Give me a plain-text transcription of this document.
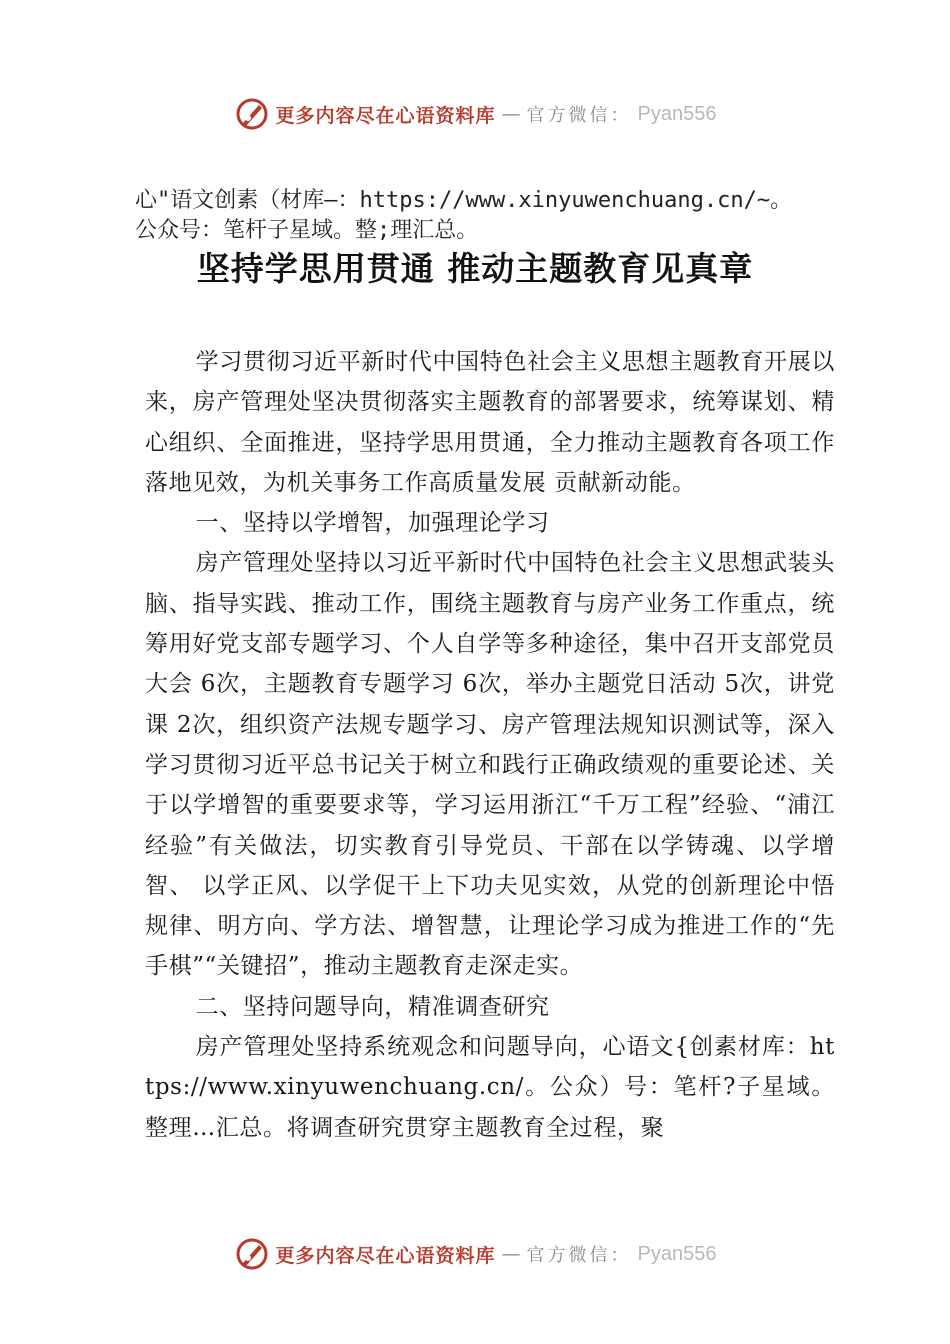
更多内容尽在心语资料库 — 官方微信： Pyan556
心"语文创素（材库—：https://www.xinyuwenchuang.cn/~。
公众号：笔杆子星域。整;理汇总。
坚持学思用贯通 推动主题教育见真章

学习贯彻习近平新时代中国特色社会主义思想主题教育开展以来，房产管理处坚决贯彻落实主题教育的部署要求，统筹谋划、精心组织、全面推进，坚持学思用贯通，全力推动主题教育各项工作落地见效，为机关事务工作高质量发展 贡献新动能。

一、坚持以学增智，加强理论学习

房产管理处坚持以习近平新时代中国特色社会主义思想武装头脑、指导实践、推动工作，围绕主题教育与房产业务工作重点，统筹用好党支部专题学习、个人自学等多种途径，集中召开支部党员大会 6次，主题教育专题学习 6次，举办主题党日活动 5次，讲党课 2次，组织资产法规专题学习、房产管理法规知识测试等，深入学习贯彻习近平总书记关于树立和践行正确政绩观的重要论述、关于以学增智的重要要求等，学习运用浙江“千万工程”经验、“浦江经验”有关做法，切实教育引导党员、干部在以学铸魂、以学增智、 以学正风、以学促干上下功夫见实效，从党的创新理论中悟规律、明方向、学方法、增智慧，让理论学习成为推进工作的“先手棋”“关键招”，推动主题教育走深走实。

二、坚持问题导向，精准调查研究

房产管理处坚持系统观念和问题导向，心语文{创素材库：https://www.xinyuwenchuang.cn/。公众）号：笔杆?子星域。整理…汇总。将调查研究贯穿主题教育全过程，聚

更多内容尽在心语资料库 — 官方微信： Pyan556
